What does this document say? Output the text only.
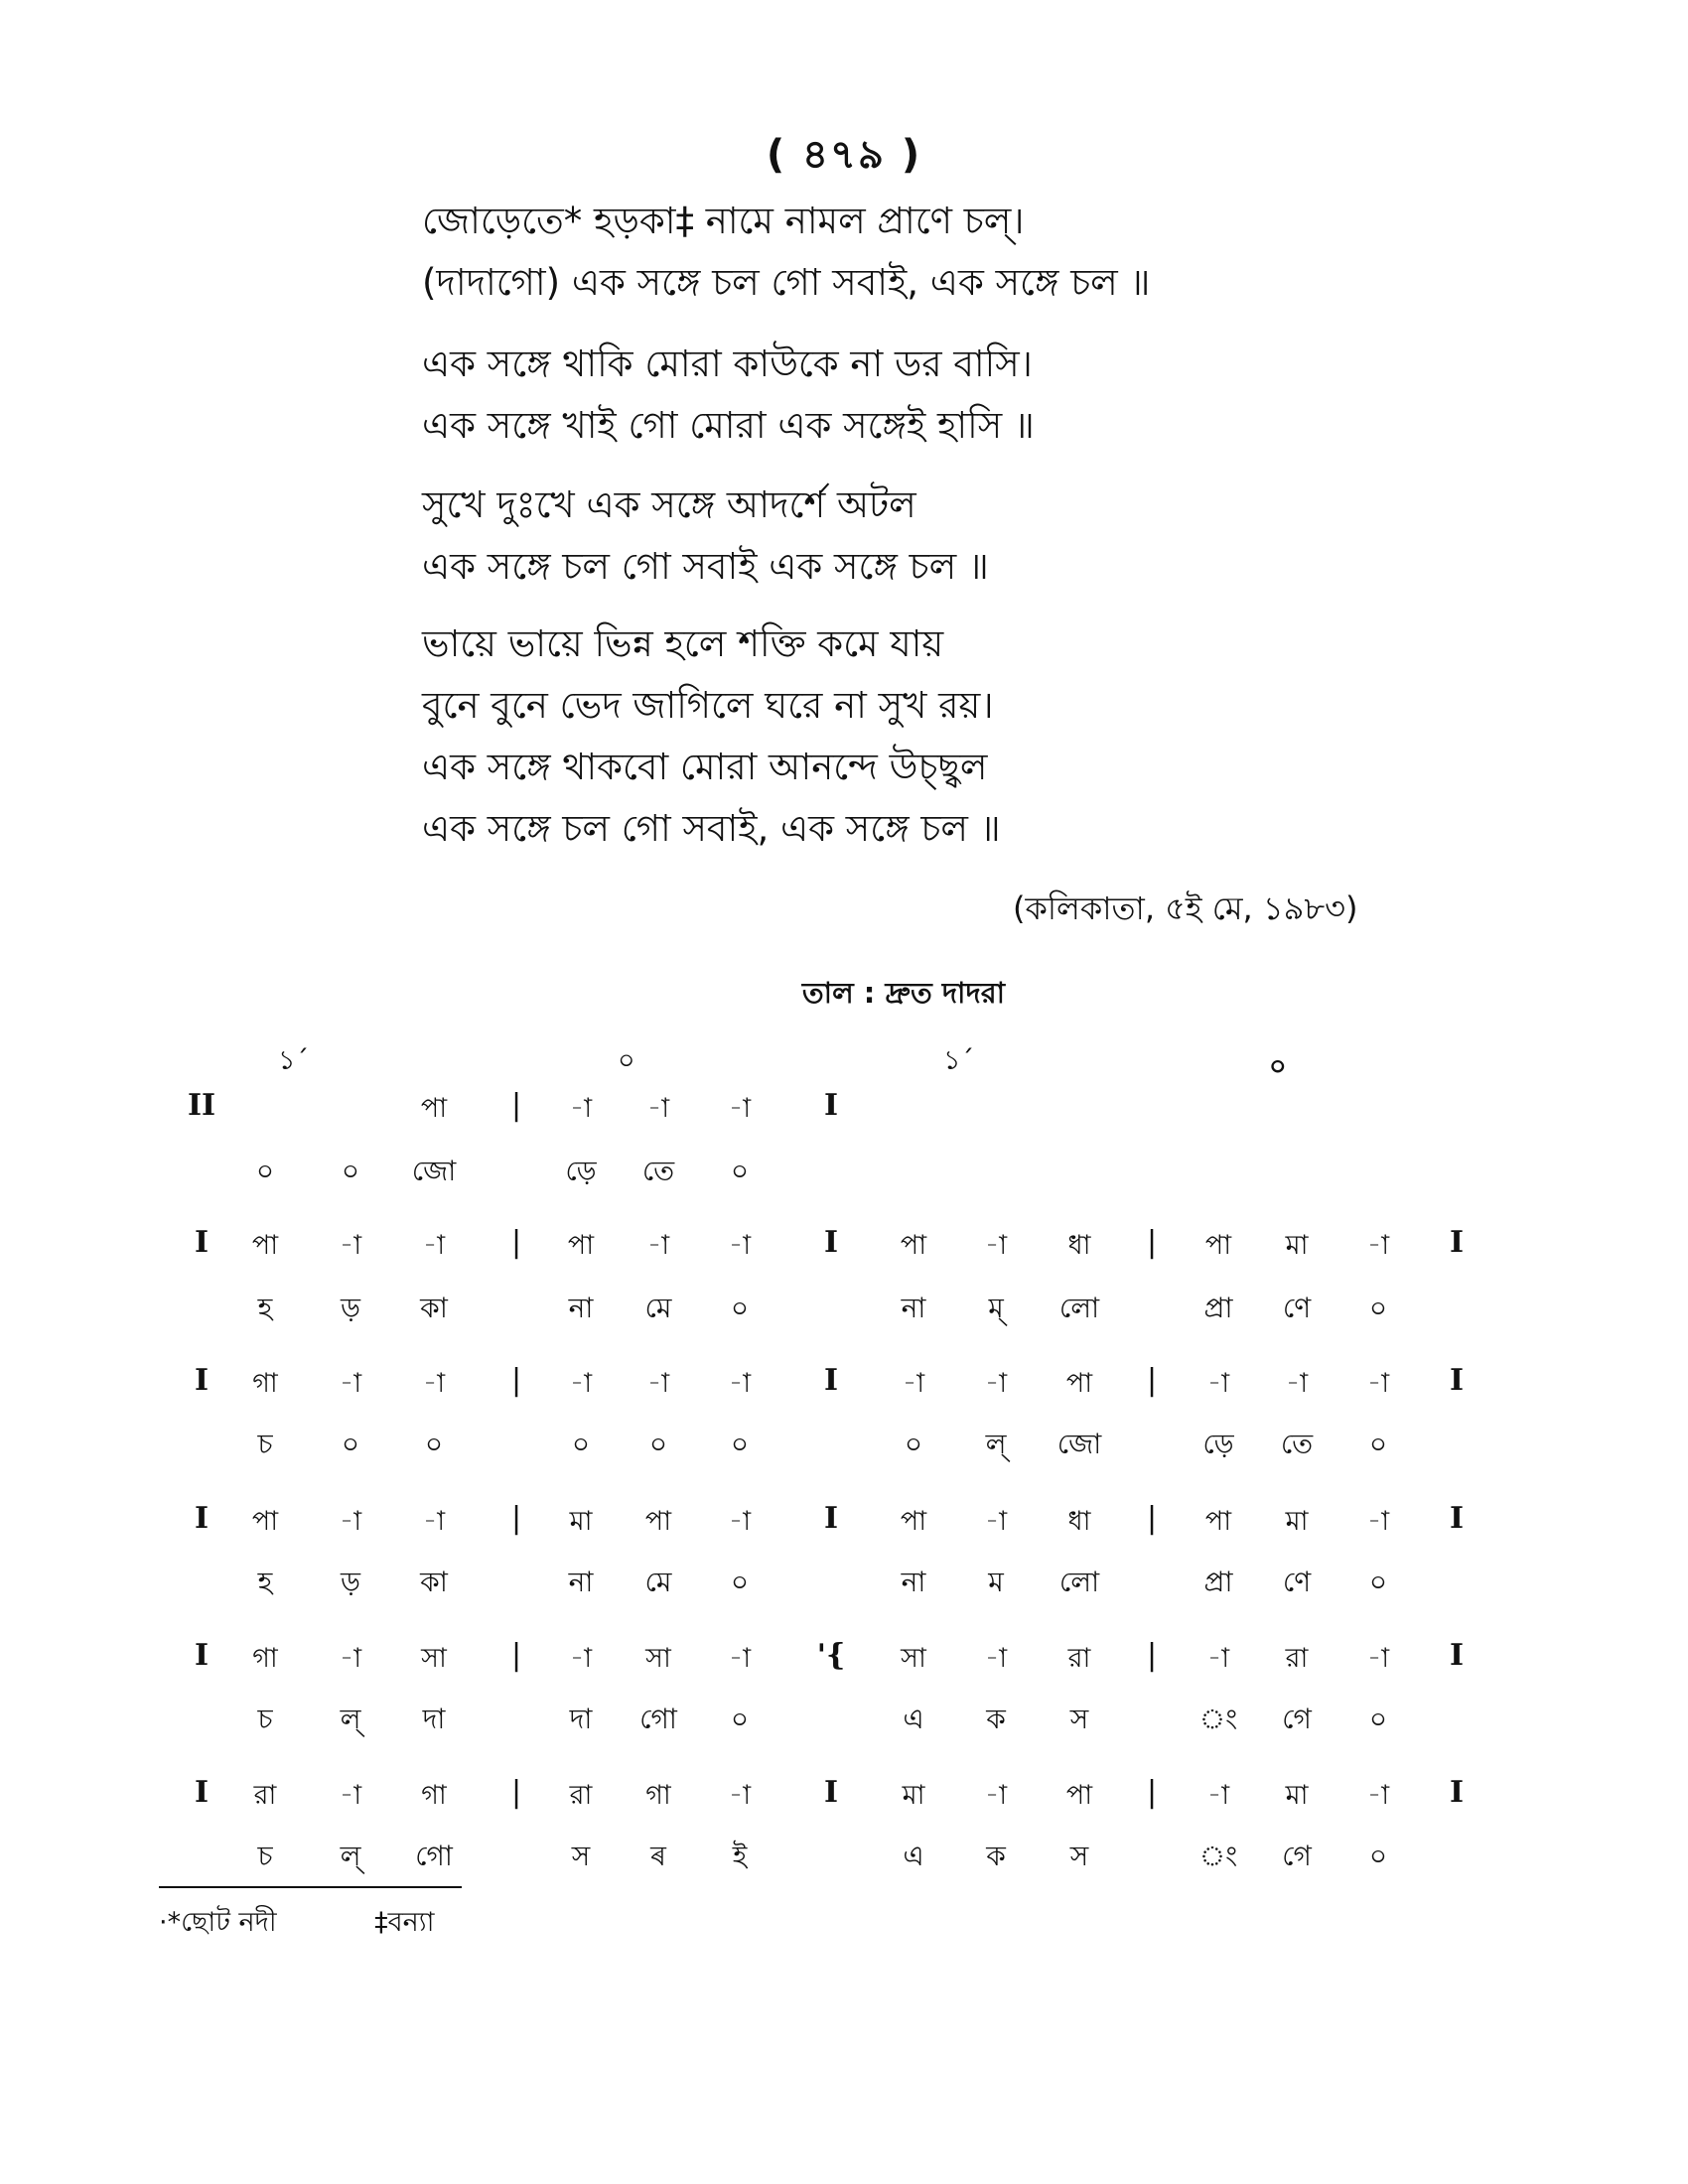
( ৪৭৯ )
জোড়েতে* হড়কা‡ নামে নামল প্রাণে চল্‌।
(দাদাগো) এক সঙ্গে চল গো সবাই, এক সঙ্গে চল ॥
এক সঙ্গে থাকি মোরা কাউকে না ডর বাসি।
এক সঙ্গে খাই গো মোরা এক সঙ্গেই হাসি ॥
সুখে দুঃখে এক সঙ্গে আদর্শে অটল
এক সঙ্গে চল গো সবাই এক সঙ্গে চল ॥
ভায়ে ভায়ে ভিন্ন হলে শক্তি কমে যায়
বুনে বুনে ভেদ জাগিলে ঘরে না সুখ রয়।
এক সঙ্গে থাকবো মোরা আনন্দে উচ্ছ্বল
এক সঙ্গে চল গো সবাই, এক সঙ্গে চল ॥
(কলিকাতা, ৫ই মে, ১৯৮৩)
তাল : দ্রুত দাদরা
১´	০	১´	০
II	পা | -া -া -া I
০ ০ জো	ড়ে তে ০
I পা -া -া | পা -া -া I পা -া ধা | পা মা -া I
হ ড় কা	না মে ০	না ম্ লো	প্রা ণে ০
I গা -া -া | -া -া -া I -া -া পা | -া -া -া I
চ ০ ০	০ ০ ০	০ ল্‌ জো	ড়ে তে ০
I পা -া -া | মা পা -া I পা -া ধা | পা মা -া I
হ ড় কা	না মে ০	না ম লো	প্রা ণে ০
I গা -া সা | -া সা -া '{ সা -া রা | -া রা -া I
চ ল্‌ দা	দা গো ০	এ ক স	ং গে ০
I রা -া গা | রা গা -া I মা -া পা | -া মা -া I
চ ল্‌ গো	স ৰ ই	এ ক স	ং গে ০
·*ছোট নদী	‡বন্যা
